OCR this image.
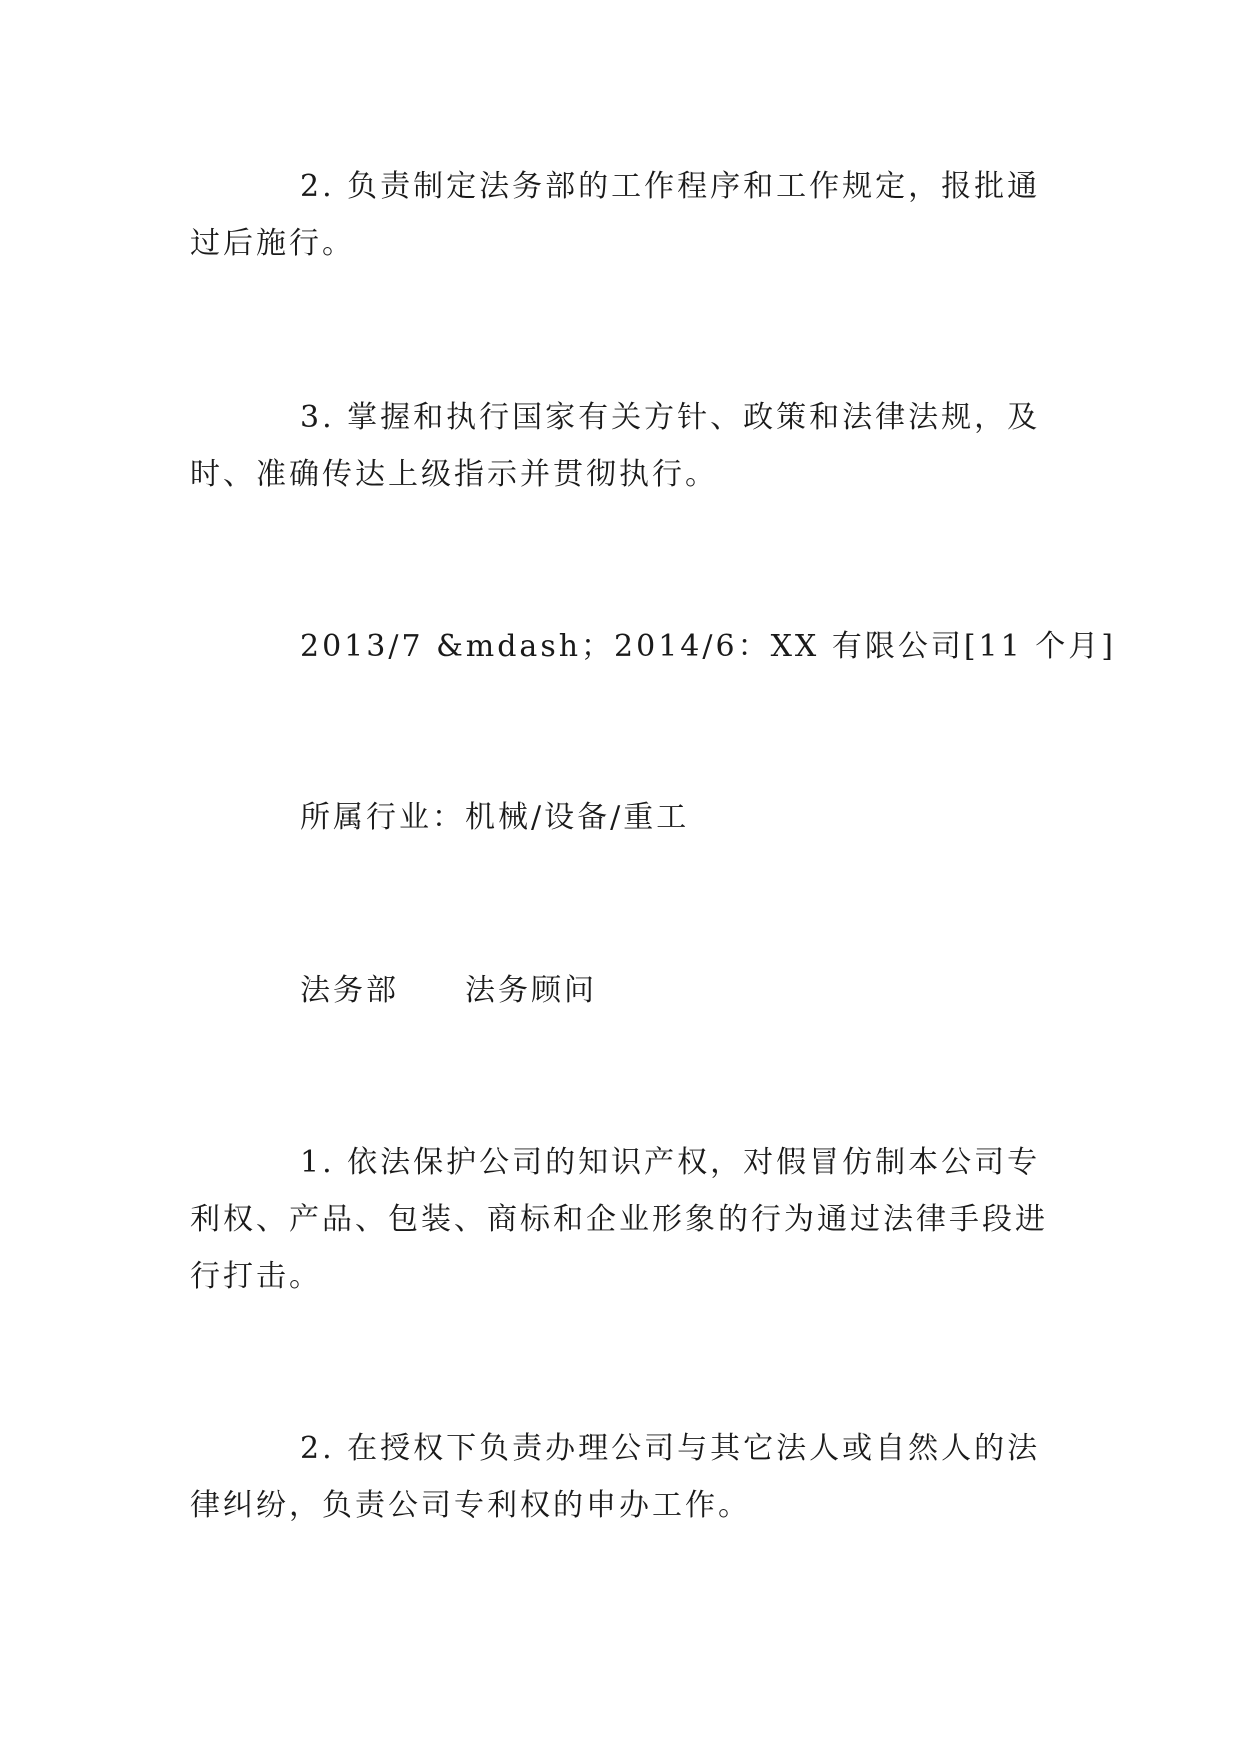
2. 负责制定法务部的工作程序和工作规定，报批通

过后施行。

3. 掌握和执行国家有关方针、政策和法律法规，及

时、准确传达上级指示并贯彻执行。

2013/7 &mdash；2014/6：XX 有限公司[11 个月]

所属行业：机械/设备/重工

法务部 法务顾问

1. 依法保护公司的知识产权，对假冒仿制本公司专

利权、产品、包装、商标和企业形象的行为通过法律手段进

行打击。

2. 在授权下负责办理公司与其它法人或自然人的法

律纠纷，负责公司专利权的申办工作。
